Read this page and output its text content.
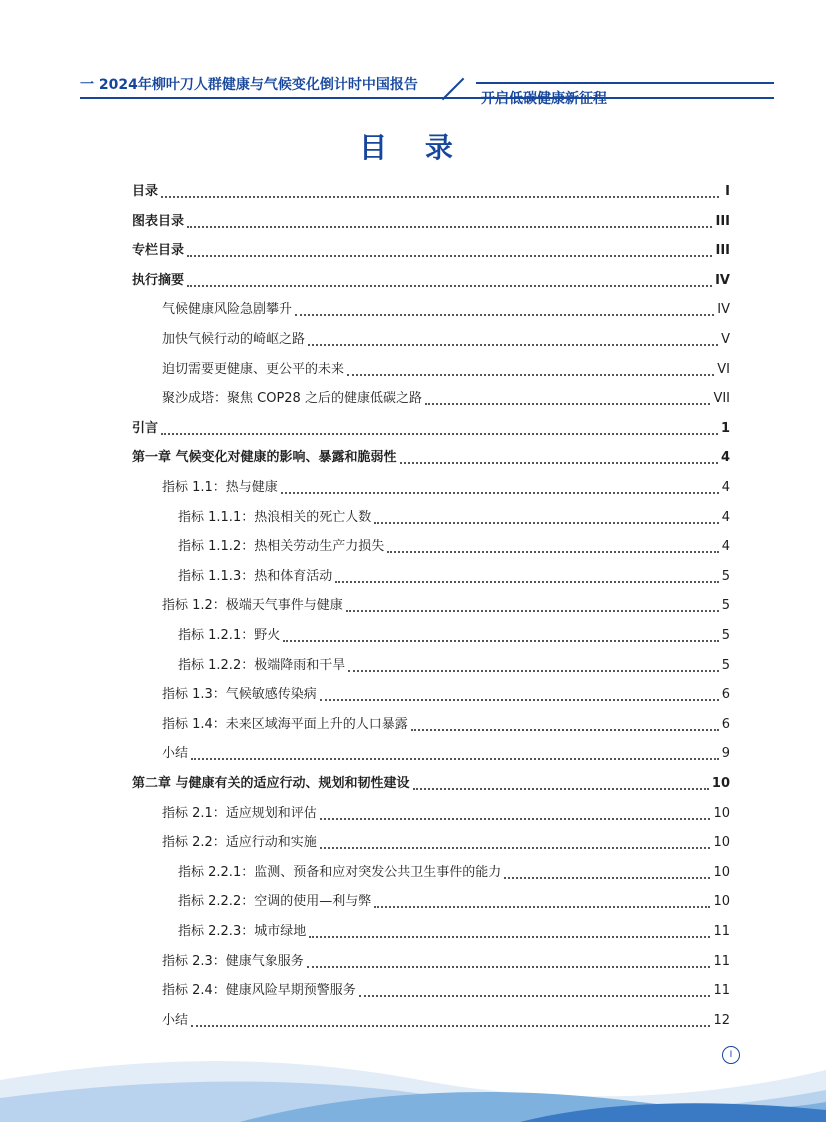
一 2024年柳叶刀人群健康与气候变化倒计时中国报告
开启低碳健康新征程
目 录
目录	I
图表目录	III
专栏目录	III
执行摘要	IV
气候健康风险急剧攀升	IV
加快气候行动的崎岖之路	V
迫切需要更健康、更公平的未来	VI
聚沙成塔：聚焦 COP28 之后的健康低碳之路	VII
引言	1
第一章 气候变化对健康的影响、暴露和脆弱性	4
指标 1.1：热与健康	4
指标 1.1.1：热浪相关的死亡人数	4
指标 1.1.2：热相关劳动生产力损失	4
指标 1.1.3：热和体育活动	5
指标 1.2：极端天气事件与健康	5
指标 1.2.1：野火	5
指标 1.2.2：极端降雨和干旱	5
指标 1.3：气候敏感传染病	6
指标 1.4：未来区域海平面上升的人口暴露	6
小结	9
第二章 与健康有关的适应行动、规划和韧性建设	10
指标 2.1：适应规划和评估	10
指标 2.2：适应行动和实施	10
指标 2.2.1：监测、预备和应对突发公共卫生事件的能力	10
指标 2.2.2：空调的使用—利与弊	10
指标 2.2.3：城市绿地	11
指标 2.3：健康气象服务	11
指标 2.4：健康风险早期预警服务	11
小结	12
I
